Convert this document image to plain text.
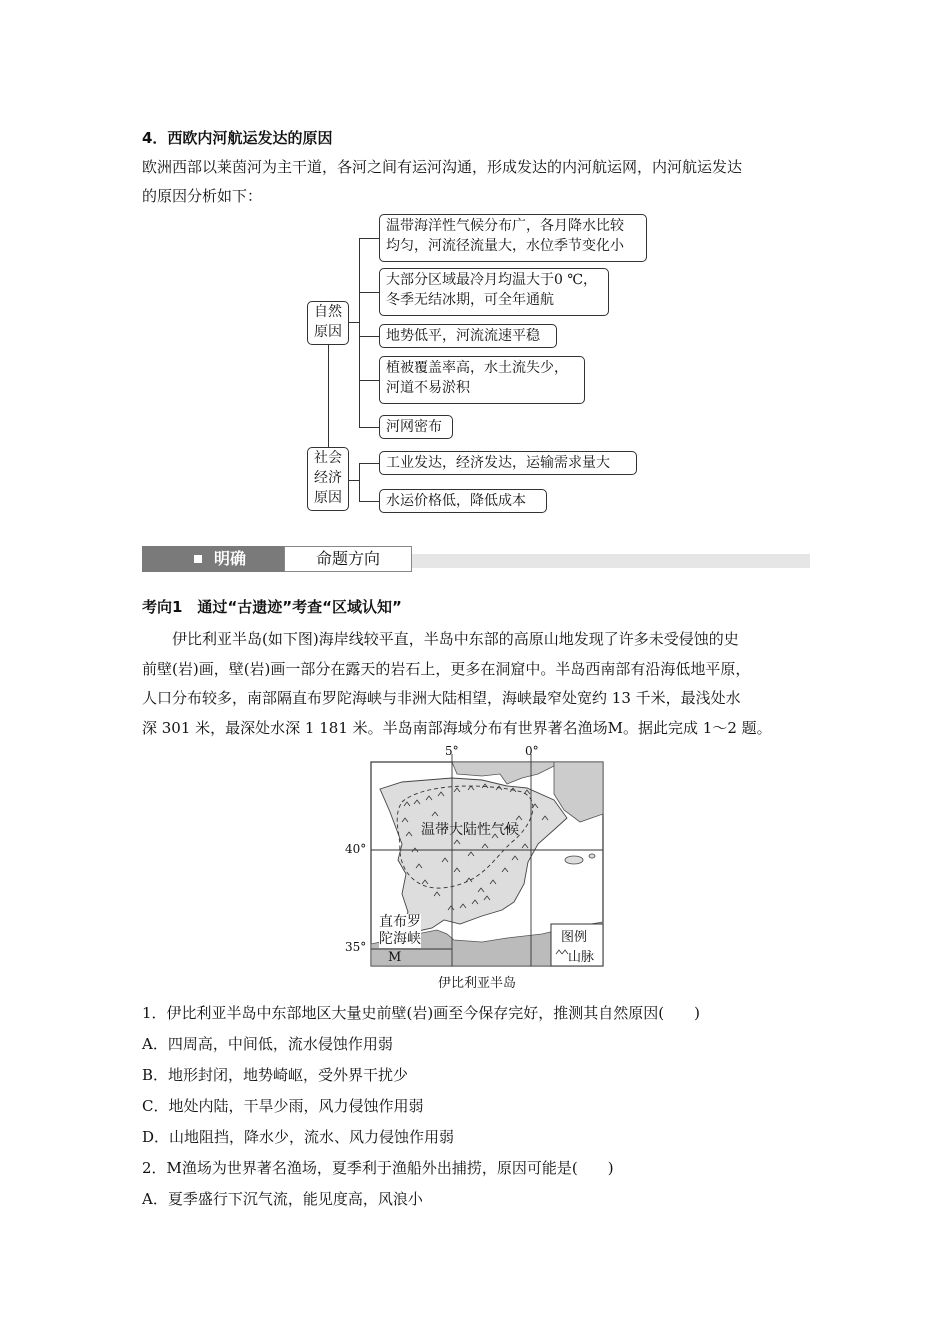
4．西欧内河航运发达的原因
欧洲西部以莱茵河为主干道，各河之间有运河沟通，形成发达的内河航运网，内河航运发达
的原因分析如下：
自然
原因
社会
经济
原因
温带海洋性气候分布广，各月降水比较
均匀，河流径流量大，水位季节变化小
大部分区域最冷月均温大于0 ℃，
冬季无结冰期，可全年通航
地势低平，河流流速平稳
植被覆盖率高，水土流失少，
河道不易淤积
河网密布
工业发达，经济发达，运输需求量大
水运价格低，降低成本
明确	命题方向
考向1　通过“古遗迹”考查“区域认知”
伊比利亚半岛(如下图)海岸线较平直，半岛中东部的高原山地发现了许多未受侵蚀的史
前壁(岩)画，壁(岩)画一部分在露天的岩石上，更多在洞窟中。半岛西南部有沿海低地平原，
人口分布较多，南部隔直布罗陀海峡与非洲大陆相望，海峡最窄处宽约 13 千米，最浅处水
深 301 米，最深处水深 1 181 米。半岛南部海域分布有世界著名渔场M。据此完成 1～2 题。
5°	0°
40°
35°
温带大陆性气候
直布罗
陀海峡
M
图例
山脉
伊比利亚半岛
1．伊比利亚半岛中东部地区大量史前壁(岩)画至今保存完好，推测其自然原因(　　)
A．四周高，中间低，流水侵蚀作用弱
B．地形封闭，地势崎岖，受外界干扰少
C．地处内陆，干旱少雨，风力侵蚀作用弱
D．山地阻挡，降水少，流水、风力侵蚀作用弱
2．M渔场为世界著名渔场，夏季利于渔船外出捕捞，原因可能是(　　)
A．夏季盛行下沉气流，能见度高，风浪小
